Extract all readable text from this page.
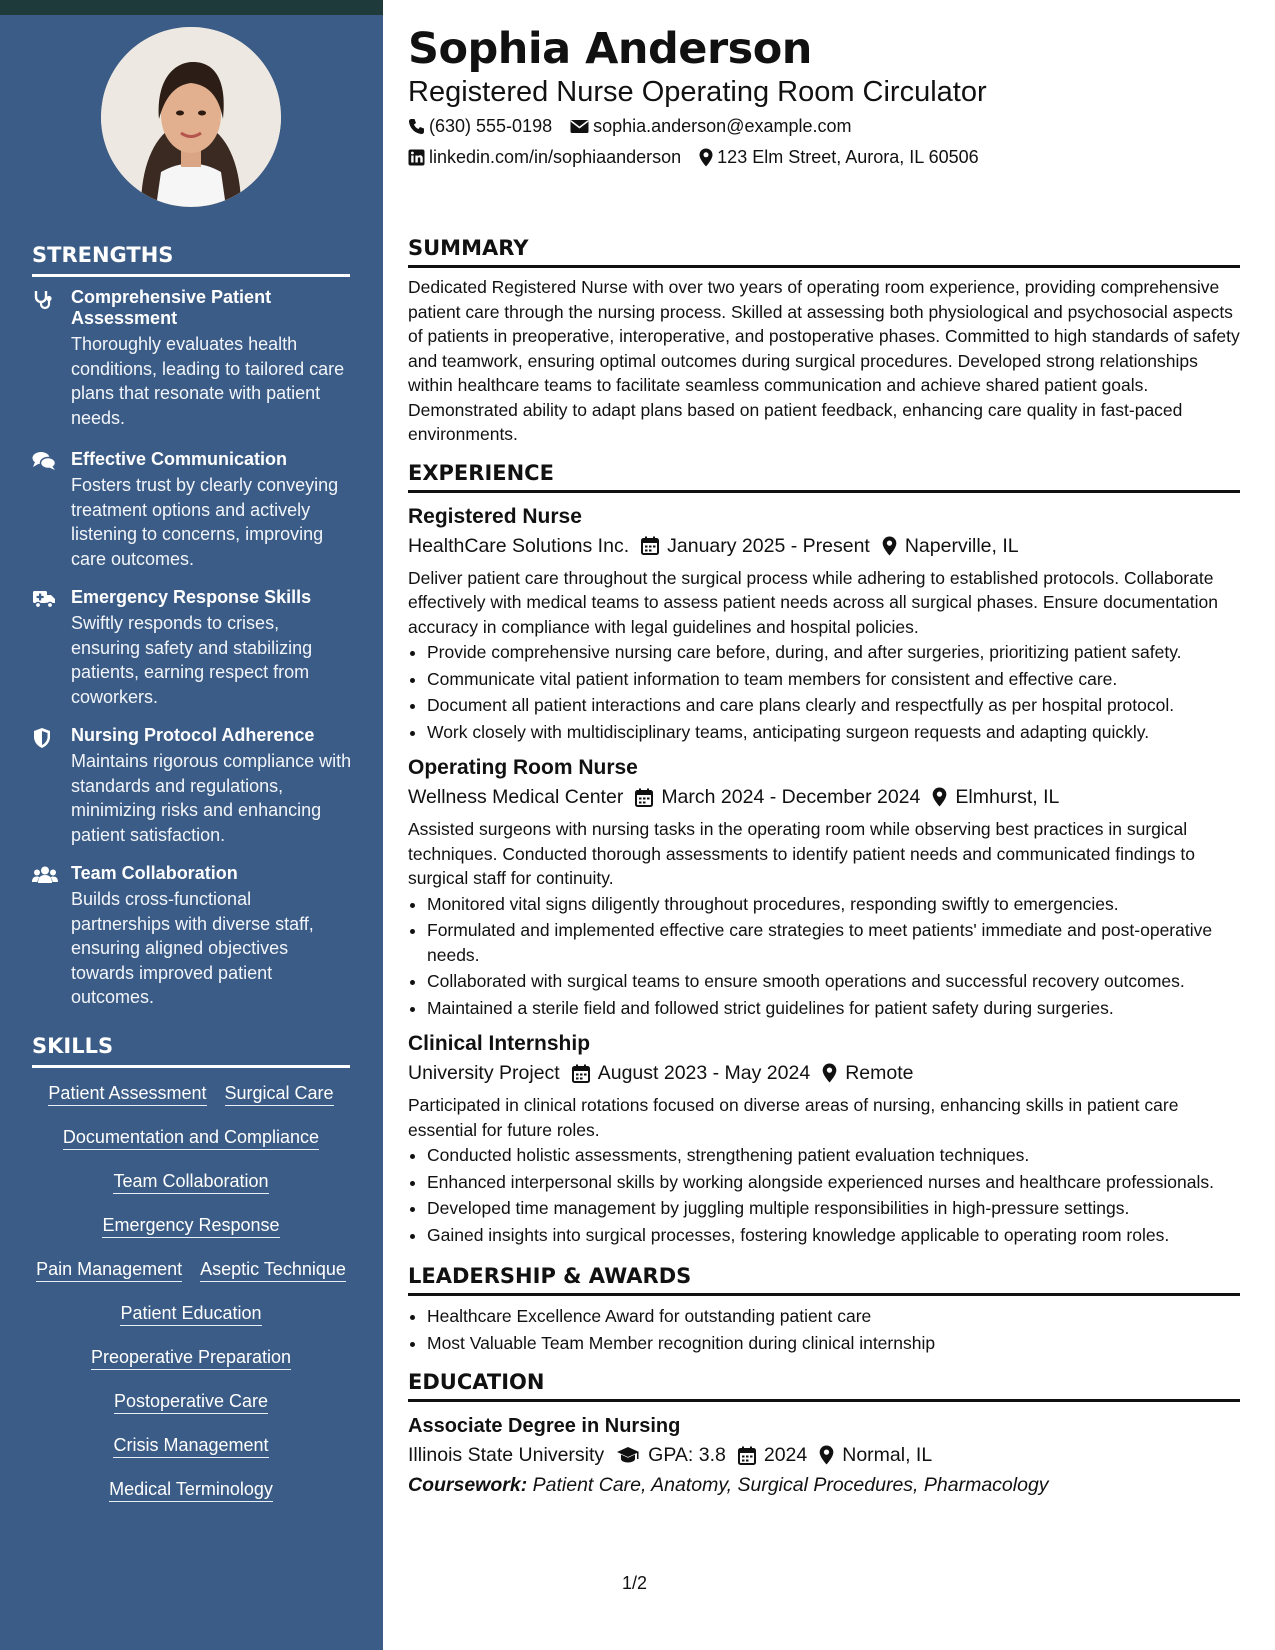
STRENGTHS
Comprehensive Patient Assessment
Thoroughly evaluates health conditions, leading to tailored care plans that resonate with patient needs.
Effective Communication
Fosters trust by clearly conveying treatment options and actively listening to concerns, improving care outcomes.
Emergency Response Skills
Swiftly responds to crises, ensuring safety and stabilizing patients, earning respect from coworkers.
Nursing Protocol Adherence
Maintains rigorous compliance with standards and regulations, minimizing risks and enhancing patient satisfaction.
Team Collaboration
Builds cross-functional partnerships with diverse staff, ensuring aligned objectives towards improved patient outcomes.
SKILLS
Patient Assessment Surgical Care
Documentation and Compliance
Team Collaboration
Emergency Response
Pain Management Aseptic Technique
Patient Education
Preoperative Preparation
Postoperative Care
Crisis Management
Medical Terminology
Sophia Anderson
Registered Nurse Operating Room Circulator
(630) 555-0198 sophia.anderson@example.com
linkedin.com/in/sophiaanderson 123 Elm Street, Aurora, IL 60506
SUMMARY
Dedicated Registered Nurse with over two years of operating room experience, providing comprehensive patient care through the nursing process. Skilled at assessing both physiological and psychosocial aspects of patients in preoperative, interoperative, and postoperative phases. Committed to high standards of safety and teamwork, ensuring optimal outcomes during surgical procedures. Developed strong relationships within healthcare teams to facilitate seamless communication and achieve shared patient goals. Demonstrated ability to adapt plans based on patient feedback, enhancing care quality in fast-paced environments.
EXPERIENCE
Registered Nurse
HealthCare Solutions Inc. January 2025 - Present Naperville, IL
Deliver patient care throughout the surgical process while adhering to established protocols. Collaborate effectively with medical teams to assess patient needs across all surgical phases. Ensure documentation accuracy in compliance with legal guidelines and hospital policies.
• Provide comprehensive nursing care before, during, and after surgeries, prioritizing patient safety.
• Communicate vital patient information to team members for consistent and effective care.
• Document all patient interactions and care plans clearly and respectfully as per hospital protocol.
• Work closely with multidisciplinary teams, anticipating surgeon requests and adapting quickly.
Operating Room Nurse
Wellness Medical Center March 2024 - December 2024 Elmhurst, IL
Assisted surgeons with nursing tasks in the operating room while observing best practices in surgical techniques. Conducted thorough assessments to identify patient needs and communicated findings to surgical staff for continuity.
• Monitored vital signs diligently throughout procedures, responding swiftly to emergencies.
• Formulated and implemented effective care strategies to meet patients' immediate and post-operative needs.
• Collaborated with surgical teams to ensure smooth operations and successful recovery outcomes.
• Maintained a sterile field and followed strict guidelines for patient safety during surgeries.
Clinical Internship
University Project August 2023 - May 2024 Remote
Participated in clinical rotations focused on diverse areas of nursing, enhancing skills in patient care essential for future roles.
• Conducted holistic assessments, strengthening patient evaluation techniques.
• Enhanced interpersonal skills by working alongside experienced nurses and healthcare professionals.
• Developed time management by juggling multiple responsibilities in high-pressure settings.
• Gained insights into surgical processes, fostering knowledge applicable to operating room roles.
LEADERSHIP & AWARDS
• Healthcare Excellence Award for outstanding patient care
• Most Valuable Team Member recognition during clinical internship
EDUCATION
Associate Degree in Nursing
Illinois State University GPA: 3.8 2024 Normal, IL
Coursework: Patient Care, Anatomy, Surgical Procedures, Pharmacology
1/2
